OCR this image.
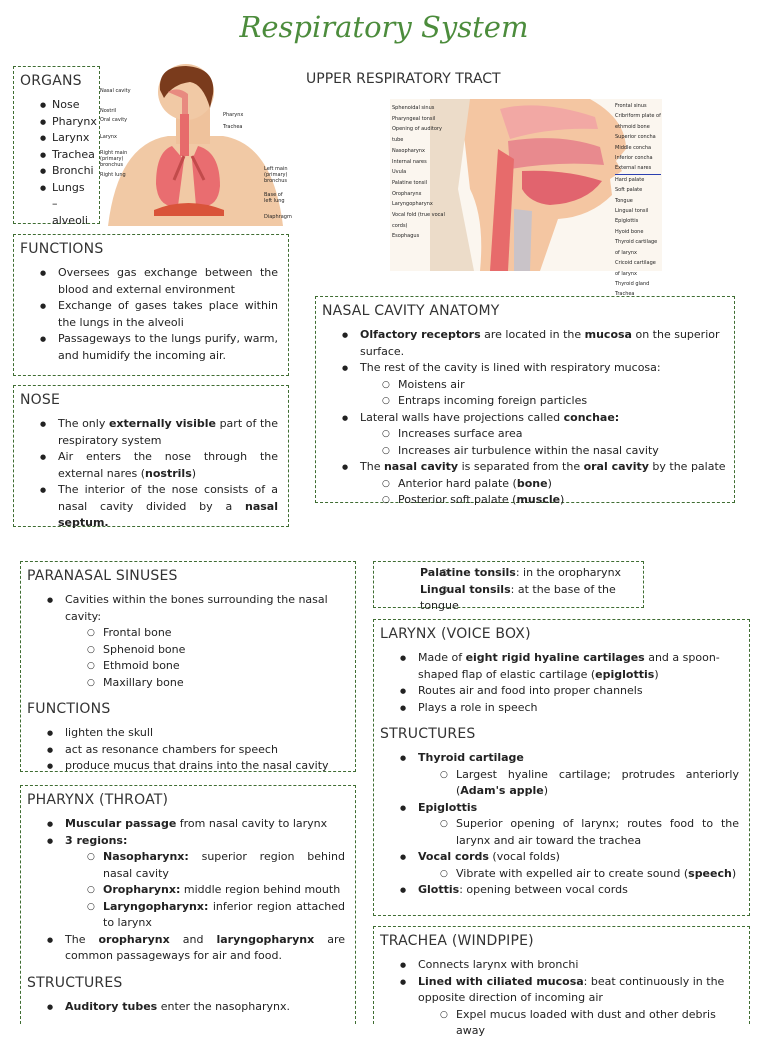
Respiratory System
ORGANS
● Nose
● Pharynx
● Larynx
● Trachea
● Bronchi
● Lungs –
alveoli
Nasal cavity
Nostril
Oral cavity
Larynx
Pharynx
Trachea
Right main (primary) bronchus
Right lung
Left main (primary) bronchus
Base of left lung
Diaphragm
UPPER RESPIRATORY TRACT
Sphenoidal sinus
Pharyngeal tonsil
Opening of auditory tube
Nasopharynx
Internal nares
Uvula
Palatine tonsil
Oropharynx
Laryngopharynx
Vocal fold (true vocal cords)
Esophagus
Frontal sinus
Cribriform plate of ethmoid bone
Superior concha
Middle concha
Inferior concha
External nares
Hard palate
Soft palate
Tongue
Lingual tonsil
Epiglottis
Hyoid bone
Thyroid cartilage of larynx
Cricoid cartilage of larynx
Thyroid gland
Trachea
FUNCTIONS
● Oversees gas exchange between the blood and external environment
● Exchange of gases takes place within the lungs in the alveoli
● Passageways to the lungs purify, warm, and humidify the incoming air.
NOSE
● The only externally visible part of the respiratory system
● Air enters the nose through the external nares (nostrils)
● The interior of the nose consists of a nasal cavity divided by a nasal septum.
NASAL CAVITY ANATOMY
● Olfactory receptors are located in the mucosa on the superior surface.
● The rest of the cavity is lined with respiratory mucosa:
○ Moistens air
○ Entraps incoming foreign particles
● Lateral walls have projections called conchae:
○ Increases surface area
○ Increases air turbulence within the nasal cavity
● The nasal cavity is separated from the oral cavity by the palate
○ Anterior hard palate (bone)
○ Posterior soft palate (muscle)
PARANASAL SINUSES
● Cavities within the bones surrounding the nasal cavity:
○ Frontal bone
○ Sphenoid bone
○ Ethmoid bone
○ Maxillary bone
FUNCTIONS
● lighten the skull
● act as resonance chambers for speech
● produce mucus that drains into the nasal cavity
○ Palatine tonsils: in the oropharynx
○ Lingual tonsils: at the base of the tongue
PHARYNX (THROAT)
● Muscular passage from nasal cavity to larynx
● 3 regions:
○ Nasopharynx: superior region behind nasal cavity
○ Oropharynx: middle region behind mouth
○ Laryngopharynx: inferior region attached to larynx
● The oropharynx and laryngopharynx are common passageways for air and food.
STRUCTURES
● Auditory tubes enter the nasopharynx.
LARYNX (VOICE BOX)
● Made of eight rigid hyaline cartilages and a spoon-shaped flap of elastic cartilage (epiglottis)
● Routes air and food into proper channels
● Plays a role in speech
STRUCTURES
● Thyroid cartilage
○ Largest hyaline cartilage; protrudes anteriorly (Adam's apple)
● Epiglottis
○ Superior opening of larynx; routes food to the larynx and air toward the trachea
● Vocal cords (vocal folds)
○ Vibrate with expelled air to create sound (speech)
● Glottis: opening between vocal cords
TRACHEA (WINDPIPE)
● Connects larynx with bronchi
● Lined with ciliated mucosa: beat continuously in the opposite direction of incoming air
○ Expel mucus loaded with dust and other debris away
